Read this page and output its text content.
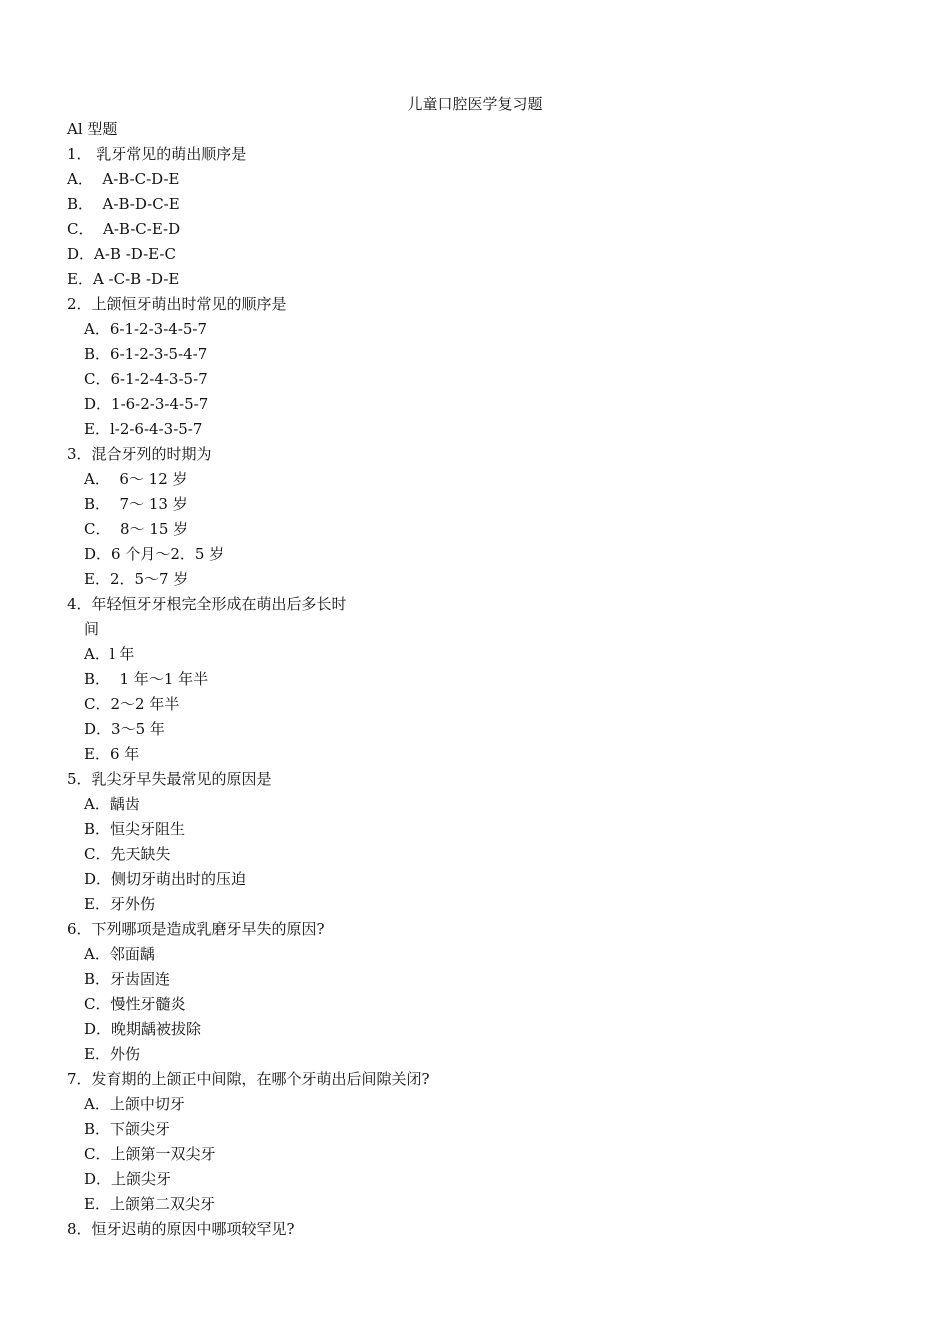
儿童口腔医学复习题
Al 型题
1． 乳牙常见的萌出顺序是
A．  A-B-C-D-E
B．  A-B-D-C-E
C．  A-B-C-E-D
D．A-B -D-E-C
E．A -C-B -D-E
2．上颌恒牙萌出时常见的顺序是
A．6-1-2-3-4-5-7
B．6-1-2-3-5-4-7
C．6-1-2-4-3-5-7
D．1-6-2-3-4-5-7
E．l-2-6-4-3-5-7
3．混合牙列的时期为
A．  6～ 12 岁
B．  7～ 13 岁
C．  8～ 15 岁
D．6 个月～2．5 岁
E．2．5～7 岁
4．年轻恒牙牙根完全形成在萌出后多长时
间
A．l 年
B．  1 年～1 年半
C．2～2 年半
D．3～5 年
E．6 年
5．乳尖牙早失最常见的原因是
A．龋齿
B．恒尖牙阻生
C．先天缺失
D．侧切牙萌出时的压迫
E．牙外伤
6．下列哪项是造成乳磨牙早失的原因?
A．邻面龋
B．牙齿固连
C．慢性牙髓炎
D．晚期龋被拔除
E．外伤
7．发育期的上颌正中间隙，在哪个牙萌出后间隙关闭?
A．上颌中切牙
B．下颌尖牙
C．上颌第一双尖牙
D．上颌尖牙
E．上颌第二双尖牙
8．恒牙迟萌的原因中哪项较罕见?
